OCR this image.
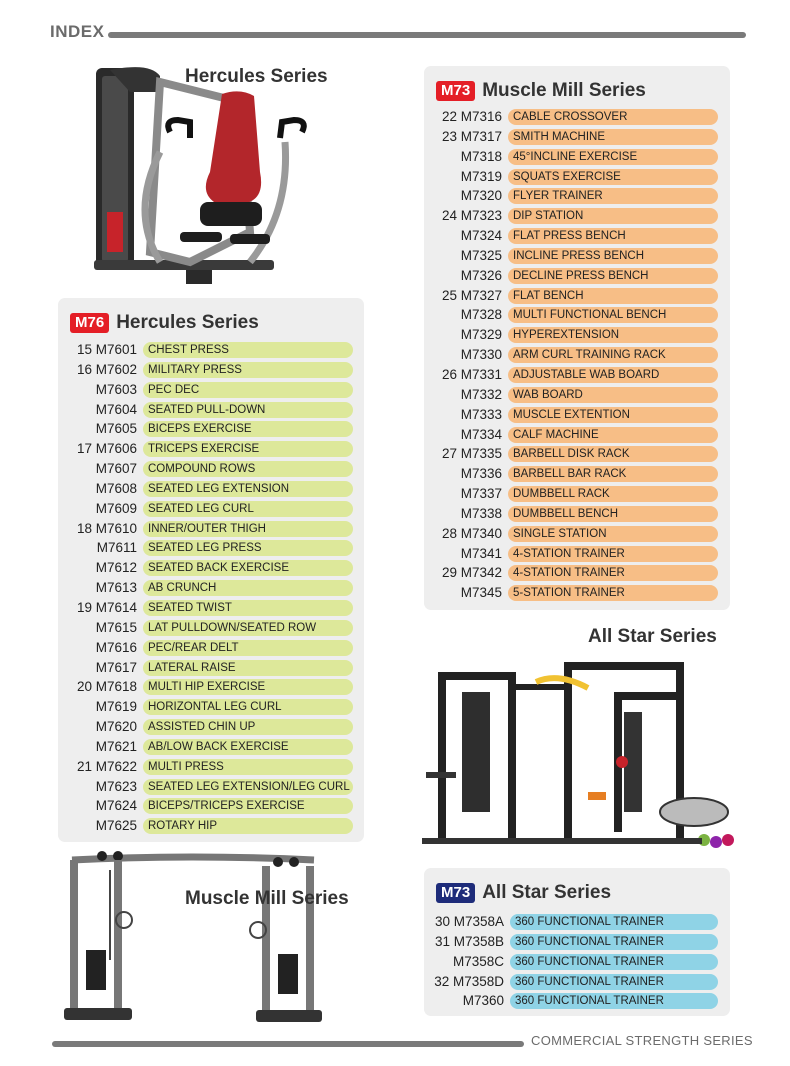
INDEX
Hercules Series
M76 Hercules Series
15 M7601 CHEST PRESS
16 M7602 MILITARY PRESS
M7603 PEC DEC
M7604 SEATED PULL-DOWN
M7605 BICEPS EXERCISE
17 M7606 TRICEPS EXERCISE
M7607 COMPOUND ROWS
M7608 SEATED LEG EXTENSION
M7609 SEATED LEG CURL
18 M7610 INNER/OUTER THIGH
M7611 SEATED LEG PRESS
M7612 SEATED BACK EXERCISE
M7613 AB CRUNCH
19 M7614 SEATED TWIST
M7615 LAT PULLDOWN/SEATED ROW
M7616 PEC/REAR DELT
M7617 LATERAL RAISE
20 M7618 MULTI HIP EXERCISE
M7619 HORIZONTAL LEG CURL
M7620 ASSISTED CHIN UP
M7621 AB/LOW BACK EXERCISE
21 M7622 MULTI PRESS
M7623 SEATED LEG EXTENSION/LEG CURL
M7624 BICEPS/TRICEPS EXERCISE
M7625 ROTARY HIP
M73 Muscle Mill Series
22 M7316 CABLE CROSSOVER
23 M7317 SMITH MACHINE
M7318 45°INCLINE EXERCISE
M7319 SQUATS EXERCISE
M7320 FLYER TRAINER
24 M7323 DIP STATION
M7324 FLAT PRESS BENCH
M7325 INCLINE PRESS BENCH
M7326 DECLINE PRESS BENCH
25 M7327 FLAT BENCH
M7328 MULTI FUNCTIONAL BENCH
M7329 HYPEREXTENSION
M7330 ARM CURL TRAINING RACK
26 M7331 ADJUSTABLE WAB BOARD
M7332 WAB BOARD
M7333 MUSCLE EXTENTION
M7334 CALF MACHINE
27 M7335 BARBELL DISK RACK
M7336 BARBELL BAR RACK
M7337 DUMBBELL RACK
M7338 DUMBBELL BENCH
28 M7340 SINGLE STATION
M7341 4-STATION TRAINER
29 M7342 4-STATION TRAINER
M7345 5-STATION TRAINER
All Star Series
Muscle Mill Series	M73 All Star Series
30 M7358A 360 FUNCTIONAL TRAINER
31 M7358B 360 FUNCTIONAL TRAINER
M7358C 360 FUNCTIONAL TRAINER
32 M7358D 360 FUNCTIONAL TRAINER
M7360 360 FUNCTIONAL TRAINER
COMMERCIAL STRENGTH SERIES
